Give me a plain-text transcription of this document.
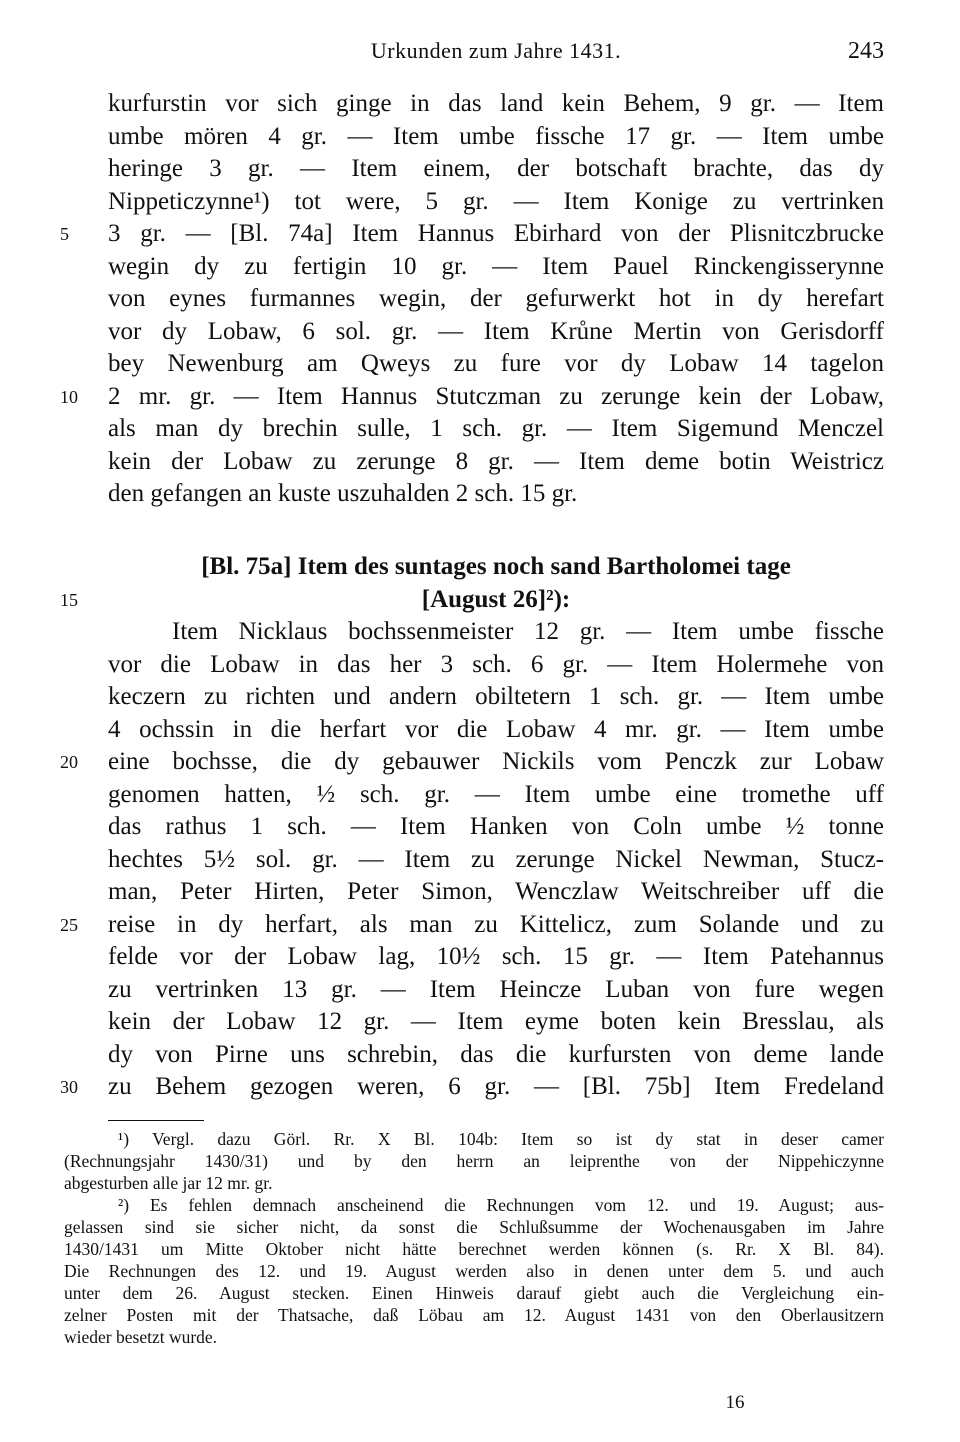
Urkunden zum Jahre 1431.	243
kurfurstin vor sich ginge in das land kein Behem, 9 gr. — Item
umbe mören 4 gr. — Item umbe fissche 17 gr. — Item umbe
heringe 3 gr. — Item einem, der botschaft brachte, das dy
Nippeticzynne¹) tot were, 5 gr. — Item Konige zu vertrinken
5	3 gr. — [Bl. 74a] Item Hannus Ebirhard von der Plisnitczbrucke
wegin dy zu fertigin 10 gr. — Item Pauel Rinckengisserynne
von eynes furmannes wegin, der gefurwerkt hot in dy herefart
vor dy Lobaw, 6 sol. gr. — Item Krůne Mertin von Gerisdorff
bey Newenburg am Qweys zu fure vor dy Lobaw 14 tagelon
10	2 mr. gr. — Item Hannus Stutczman zu zerunge kein der Lobaw,
als man dy brechin sulle, 1 sch. gr. — Item Sigemund Menczel
kein der Lobaw zu zerunge 8 gr. — Item deme botin Weistricz
den gefangen an kuste uszuhalden 2 sch. 15 gr.
[Bl. 75a] Item des suntages noch sand Bartholomei tage
15	[August 26]²):
Item Nicklaus bochssenmeister 12 gr. — Item umbe fissche
vor die Lobaw in das her 3 sch. 6 gr. — Item Holermehe von
keczern zu richten und andern obiltetern 1 sch. gr. — Item umbe
4 ochssin in die herfart vor die Lobaw 4 mr. gr. — Item umbe
20	eine bochsse, die dy gebauwer Nickils vom Penczk zur Lobaw
genomen hatten, ½ sch. gr. — Item umbe eine tromethe uff
das rathus 1 sch. — Item Hanken von Coln umbe ½ tonne
hechtes 5½ sol. gr. — Item zu zerunge Nickel Newman, Stucz-
man, Peter Hirten, Peter Simon, Wenczlaw Weitschreiber uff die
25	reise in dy herfart, als man zu Kittelicz, zum Solande und zu
felde vor der Lobaw lag, 10½ sch. 15 gr. — Item Patehannus
zu vertrinken 13 gr. — Item Heincze Luban von fure wegen
kein der Lobaw 12 gr. — Item eyme boten kein Bresslau, als
dy von Pirne uns schrebin, das die kurfursten von deme lande
30	zu Behem gezogen weren, 6 gr. — [Bl. 75b] Item Fredeland
¹) Vergl. dazu Görl. Rr. X Bl. 104b: Item so ist dy stat in deser camer
(Rechnungsjahr 1430/31) und by den herrn an leiprenthe von der Nippehiczynne
abgesturben alle jar 12 mr. gr.
²) Es fehlen demnach anscheinend die Rechnungen vom 12. und 19. August; aus-
gelassen sind sie sicher nicht, da sonst die Schlußsumme der Wochenausgaben im Jahre
1430/1431 um Mitte Oktober nicht hätte berechnet werden können (s. Rr. X Bl. 84).
Die Rechnungen des 12. und 19. August werden also in denen unter dem 5. und auch
unter dem 26. August stecken. Einen Hinweis darauf giebt auch die Vergleichung ein-
zelner Posten mit der Thatsache, daß Löbau am 12. August 1431 von den Oberlausitzern
wieder besetzt wurde.
16
